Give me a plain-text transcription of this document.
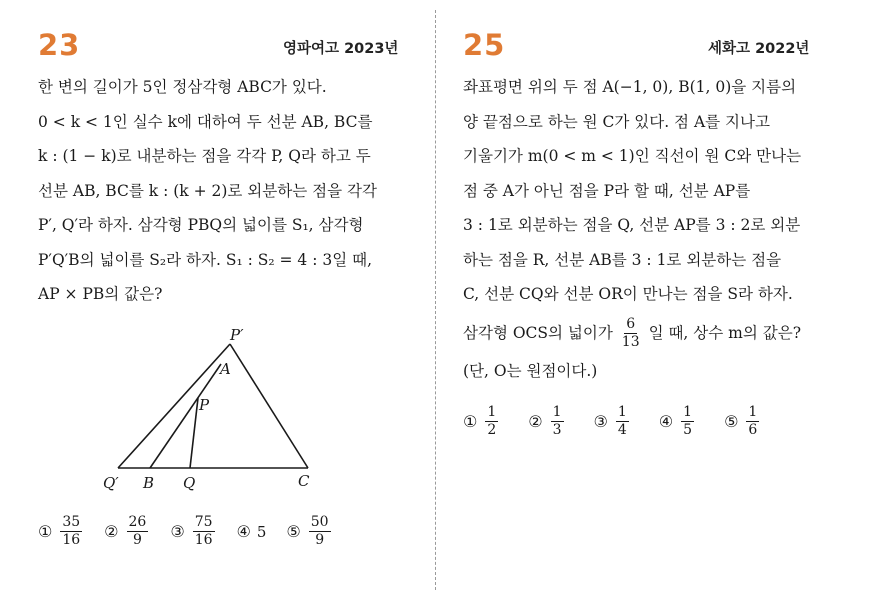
23	영파여고 2023년
한 변의 길이가 5인 정삼각형 ABC가 있다.
0 < k < 1인 실수 k에 대하여 두 선분 AB, BC를
k : (1 − k)로 내분하는 점을 각각 P, Q라 하고 두
선분 AB, BC를 k : (k + 2)로 외분하는 점을 각각
P′, Q′라 하자. 삼각형 PBQ의 넓이를 S₁, 삼각형
P′Q′B의 넓이를 S₂라 하자. S₁ : S₂ = 4 : 3일 때,
AP × PB의 값은?
P′
A
P
Q′ B Q	C
① $\frac{35}{16}$ ② $\frac{26}{9}$ ③ $\frac{75}{16}$ ④ 5 ⑤ $\frac{50}{9}$
25	세화고 2022년
좌표평면 위의 두 점 A(−1, 0), B(1, 0)을 지름의
양 끝점으로 하는 원 C가 있다. 점 A를 지나고
기울기가 m(0 < m < 1)인 직선이 원 C와 만나는
점 중 A가 아닌 점을 P라 할 때, 선분 AP를
3 : 1로 외분하는 점을 Q, 선분 AP를 3 : 2로 외분
하는 점을 R, 선분 AB를 3 : 1로 외분하는 점을
C, 선분 CQ와 선분 OR이 만나는 점을 S라 하자.
삼각형 OCS의 넓이가 $\frac{6}{13}$ 일 때, 상수 m의 값은?
(단, O는 원점이다.)
① $\frac{1}{2}$ ② $\frac{1}{3}$ ③ $\frac{1}{4}$ ④ $\frac{1}{5}$ ⑤ $\frac{1}{6}$
